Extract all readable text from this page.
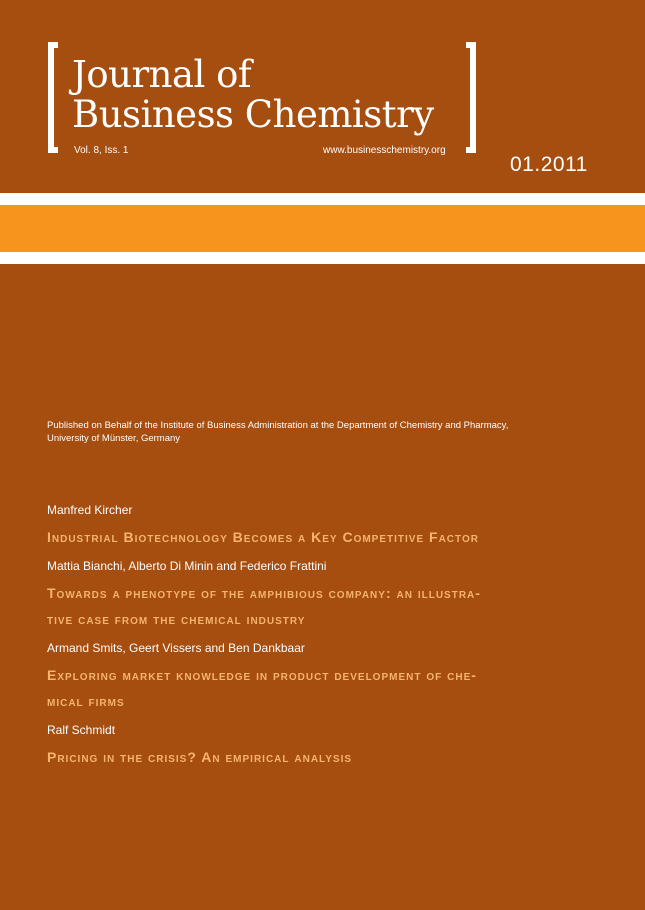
Journal of
Business Chemistry
Vol. 8, Iss. 1	www.businesschemistry.org
01.2011
Published on Behalf of the Institute of Business Administration at the Department of Chemistry and Pharmacy,
University of Münster, Germany
Manfred Kircher
Industrial Biotechnology Becomes a Key Competitive Factor
Mattia Bianchi, Alberto Di Minin and Federico Frattini
Towards a phenotype of the amphibious company: an illustra-
tive case from the chemical industry
Armand Smits, Geert Vissers and Ben Dankbaar
Exploring market knowledge in product development of che-
mical firms
Ralf Schmidt
Pricing in the crisis? An empirical analysis
